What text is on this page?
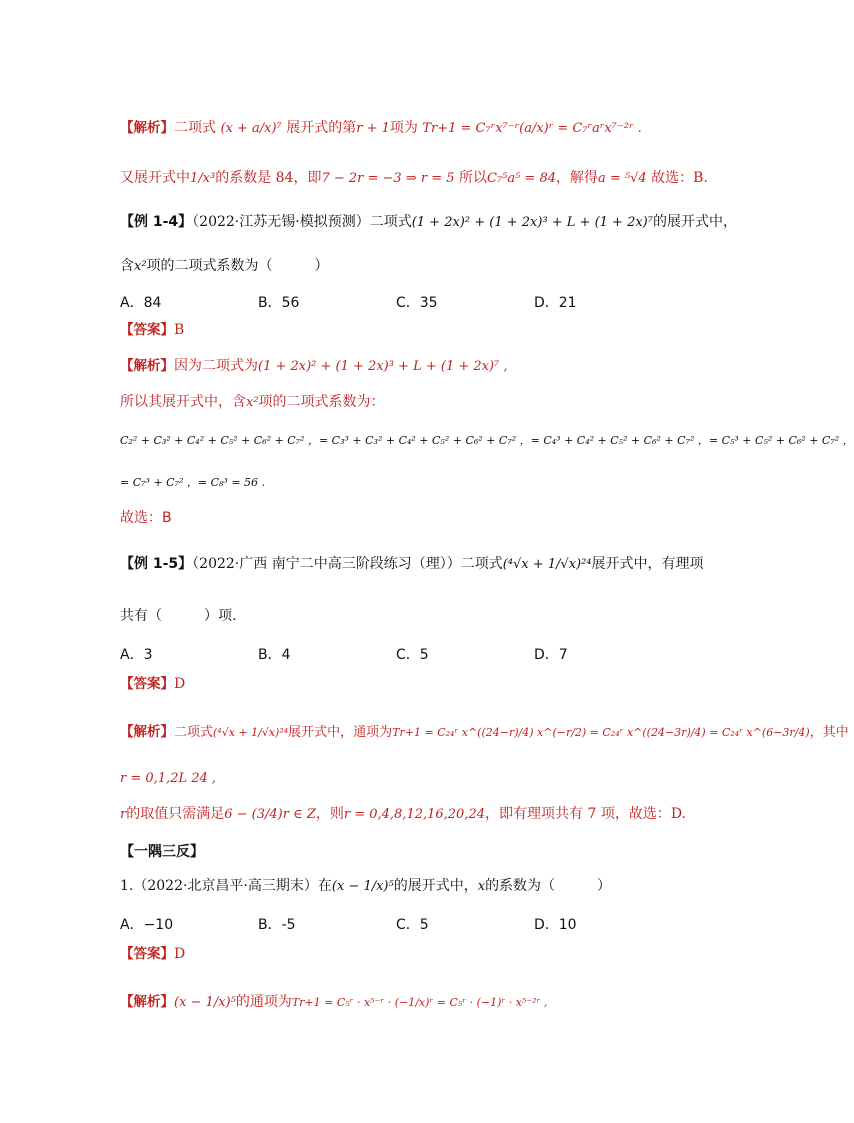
【解析】二项式 (x + a/x)⁷ 展开式的第r + 1项为 Tr+1 = C₇ʳx⁷⁻ʳ(a/x)ʳ = C₇ʳaʳx⁷⁻²ʳ .
又展开式中1/x³的系数是 84，即7 − 2r = −3 ⇒ r = 5 所以C₇⁵a⁵ = 84，解得a = ⁵√4 故选：B.
【例 1-4】（2022·江苏无锡·模拟预测）二项式(1 + 2x)² + (1 + 2x)³ + L + (1 + 2x)⁷的展开式中，
含x²项的二项式系数为（　　　）
A．84	B．56	C．35	D．21
【答案】B
【解析】因为二项式为(1 + 2x)² + (1 + 2x)³ + L + (1 + 2x)⁷ ,
所以其展开式中，含x²项的二项式系数为：
C₂² + C₃² + C₄² + C₅² + C₆² + C₇² ，= C₃³ + C₃² + C₄² + C₅² + C₆² + C₇² ，= C₄³ + C₄² + C₅² + C₆² + C₇² ，= C₅³ + C₅² + C₆² + C₇² ，
= C₇³ + C₇² ，= C₈³ = 56 .
故选：B
【例 1-5】（2022·广西 南宁二中高三阶段练习（理））二项式(⁴√x + 1/√x)²⁴展开式中，有理项
共有（　　　）项.
A．3	B．4	C．5	D．7
【答案】D
【解析】二项式(⁴√x + 1/√x)²⁴展开式中，通项为Tr+1 = C₂₄ʳ x^((24−r)/4) x^(−r/2) = C₂₄ʳ x^((24−3r)/4) = C₂₄ʳ x^(6−3r/4)，其中
r = 0,1,2L 24 ,
r的取值只需满足6 − (3/4)r ∈ Z，则r = 0,4,8,12,16,20,24，即有理项共有 7 项，故选：D.
【一隅三反】
1.（2022·北京昌平·高三期末）在(x − 1/x)⁵的展开式中，x的系数为（　　　）
A．−10	B．-5	C．5	D．10
【答案】D
【解析】(x − 1/x)⁵的通项为Tr+1 = C₅ʳ · x⁵⁻ʳ · (−1/x)ʳ = C₅ʳ · (−1)ʳ · x⁵⁻²ʳ ,
